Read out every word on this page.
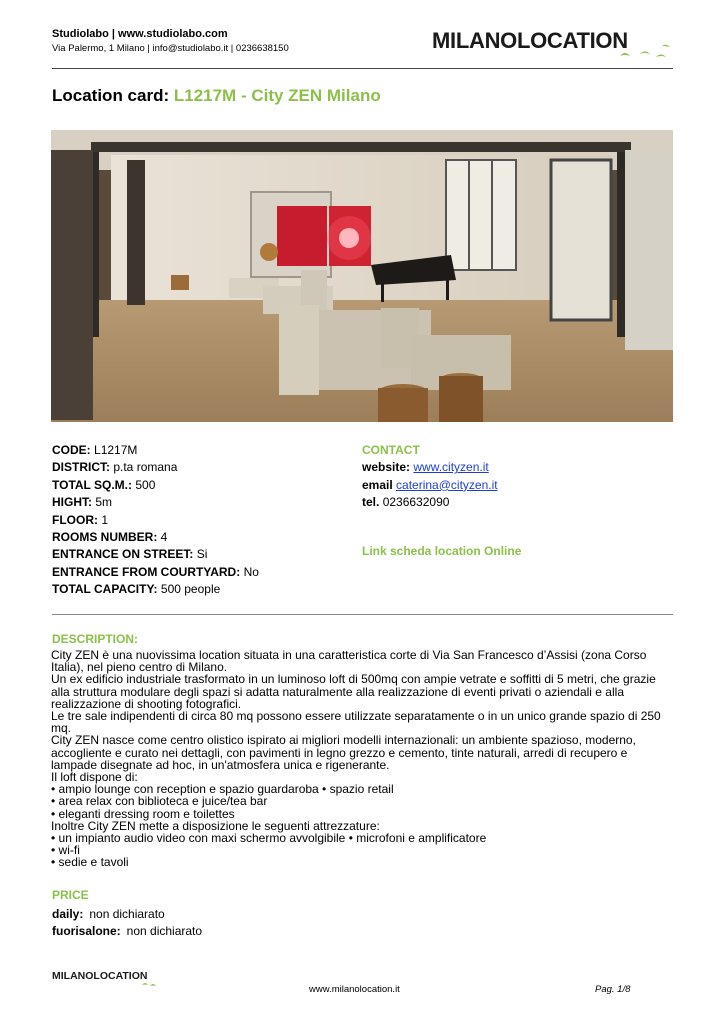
Studiolabo | www.studiolabo.com
Via Palermo, 1 Milano | info@studiolabo.it | 0236638150	MILANOLOCATION
Location card: L1217M - City ZEN Milano
CODE: L1217M
DISTRICT: p.ta romana
TOTAL SQ.M.: 500
HIGHT: 5m
FLOOR: 1
ROOMS NUMBER: 4
ENTRANCE ON STREET: Si
ENTRANCE FROM COURTYARD: No
TOTAL CAPACITY: 500 people
CONTACT
website: www.cityzen.it
email caterina@cityzen.it
tel. 0236632090
Link scheda location Online
DESCRIPTION:

City ZEN è una nuovissima location situata in una caratteristica corte di Via San Francesco d’Assisi (zona Corso Italia), nel pieno centro di Milano.

Un ex edificio industriale trasformato in un luminoso loft di 500mq con ampie vetrate e soffitti di 5 metri, che grazie alla struttura modulare degli spazi si adatta naturalmente alla realizzazione di eventi privati o aziendali e alla realizzazione di shooting fotografici.

Le tre sale indipendenti di circa 80 mq possono essere utilizzate separatamente o in un unico grande spazio di 250 mq.

City ZEN nasce come centro olistico ispirato ai migliori modelli internazionali: un ambiente spazioso, moderno, accogliente e curato nei dettagli, con pavimenti in legno grezzo e cemento, tinte naturali, arredi di recupero e lampade disegnate ad hoc, in un'atmosfera unica e rigenerante.

Il loft dispone di:

• ampio lounge con reception e spazio guardaroba • spazio retail

• area relax con biblioteca e juice/tea bar

• eleganti dressing room e toilettes

Inoltre City ZEN mette a disposizione le seguenti attrezzature:

• un impianto audio video con maxi schermo avvolgibile • microfoni e amplificatore

• wi-fi

• sedie e tavoli

PRICE
daily: non dichiarato
fuorisalone: non dichiarato
MILANOLOCATION
www.milanolocation.it	Pag. 1/8
